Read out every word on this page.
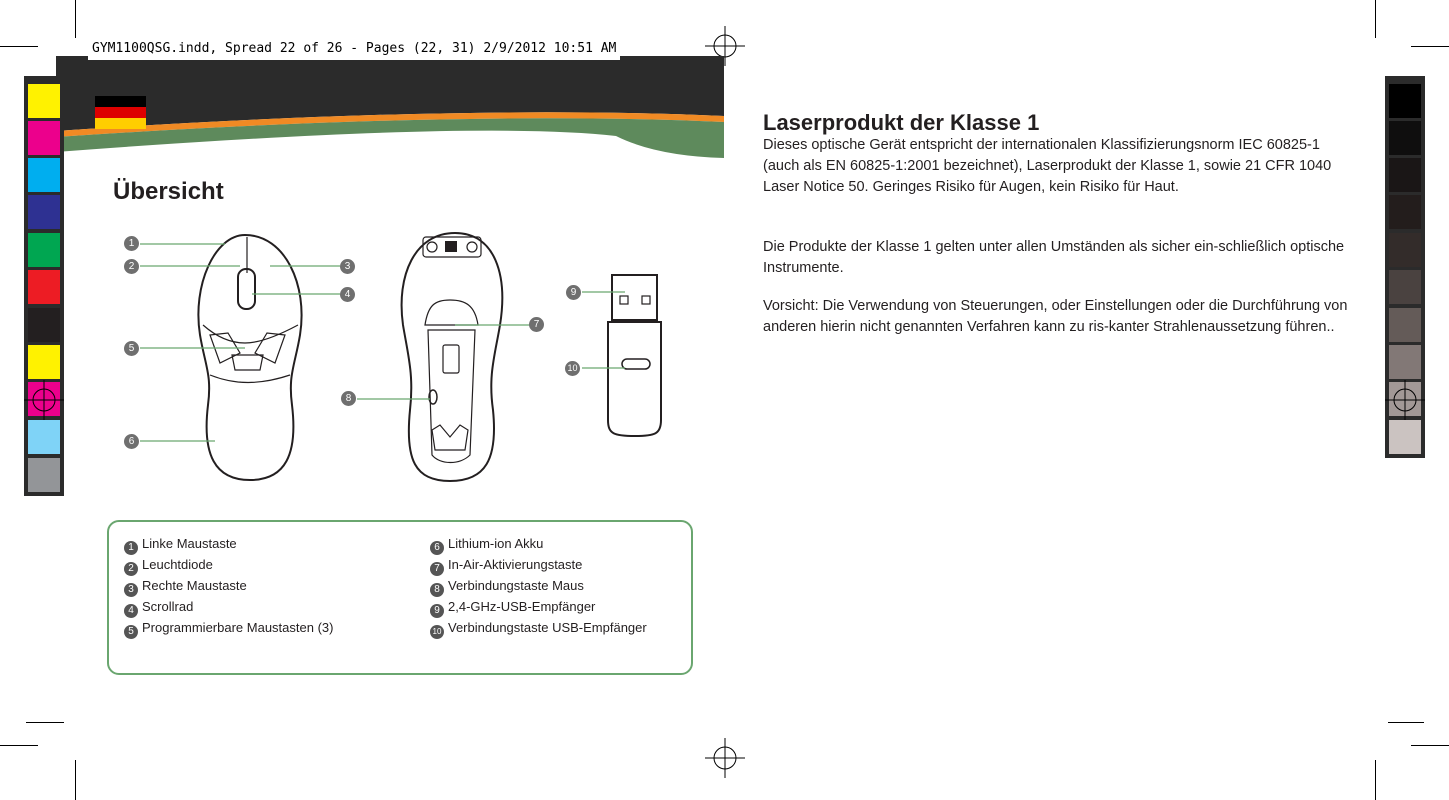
GYM1100QSG.indd, Spread 22 of 26 - Pages (22, 31) 2/9/2012 10:51 AM
Übersicht
1
2	3
4
5
6
7
8
9
10
1 Linke Maustaste
2 Leuchtdiode
3 Rechte Maustaste
4 Scrollrad
5 Programmierbare Maustasten (3)
6 Lithium-ion Akku
7 In-Air-Aktivierungstaste
8 Verbindungstaste Maus
9 2,4-GHz-USB-Empfänger
10 Verbindungstaste USB-Empfänger
Laserprodukt der Klasse 1

Dieses optische Gerät entspricht der internationalen Klassifizierungsnorm IEC 60825-1 (auch als EN 60825-1:2001 bezeichnet), Laserprodukt der Klasse 1, sowie 21 CFR 1040 Laser Notice 50. Geringes Risiko für Augen, kein Risiko für Haut.

Die Produkte der Klasse 1 gelten unter allen Umständen als sicher ein-schließlich optische Instrumente.

Vorsicht: Die Verwendung von Steuerungen, oder Einstellungen oder die Durchführung von anderen hierin nicht genannten Verfahren kann zu ris-kanter Strahlenaussetzung führen..
